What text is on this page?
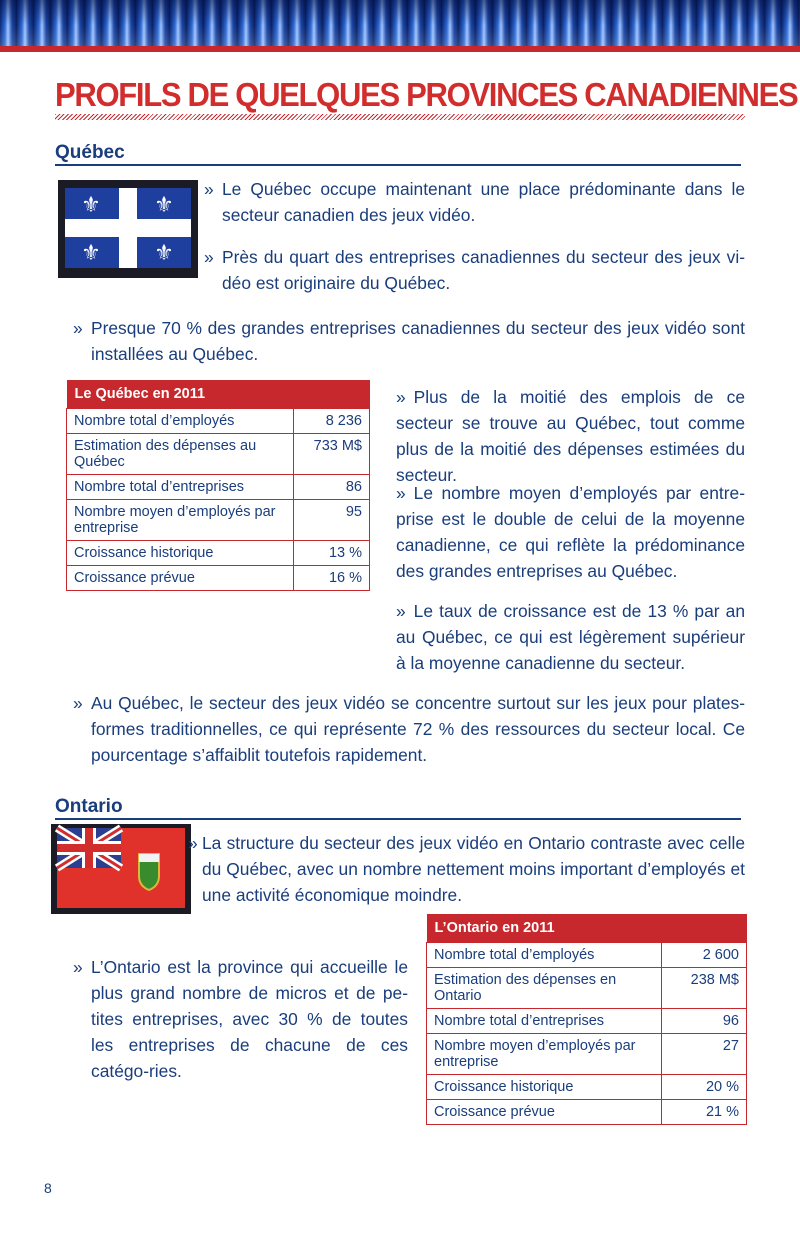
PROFILS DE QUELQUES PROVINCES CANADIENNES
Québec
⚜ ⚜
⚜ ⚜
» Le Québec occupe maintenant une place prédominante dans le secteur canadien des jeux vidéo.
» Près du quart des entreprises canadiennes du secteur des jeux vi-déo est originaire du Québec.
» Presque 70 % des grandes entreprises canadiennes du secteur des jeux vidéo sont installées au Québec.
Le Québec en 2011	
Nombre total d’employés	8 236
Estimation des dépenses au Québec	733 M$
Nombre total d’entreprises	86
Nombre moyen d’employés par entreprise	95
Croissance historique	13 %
Croissance prévue	16 %
» Plus de la moitié des emplois de ce secteur se trouve au Québec, tout comme plus de la moitié des dépenses estimées du secteur.
» Le nombre moyen d’employés par entre-prise est le double de celui de la moyenne canadienne, ce qui reflète la prédominance des grandes entreprises au Québec.
» Le taux de croissance est de 13 % par an au Québec, ce qui est légèrement supérieur à la moyenne canadienne du secteur.
» Au Québec, le secteur des jeux vidéo se concentre surtout sur les jeux pour plates-formes traditionnelles, ce qui représente 72 % des ressources du secteur local. Ce pourcentage s’affaiblit toutefois rapidement.
Ontario
» La structure du secteur des jeux vidéo en Ontario contraste avec celle du Québec, avec un nombre nettement moins important d’employés et une activité économique moindre.
» L’Ontario est la province qui accueille le plus grand nombre de micros et de pe-tites entreprises, avec 30 % de toutes les entreprises de chacune de ces catégo-ries.
L’Ontario en 2011	
Nombre total d’employés	2 600
Estimation des dépenses en Ontario	238 M$
Nombre total d’entreprises	96
Nombre moyen d’employés par entreprise	27
Croissance historique	20 %
Croissance prévue	21 %
8
